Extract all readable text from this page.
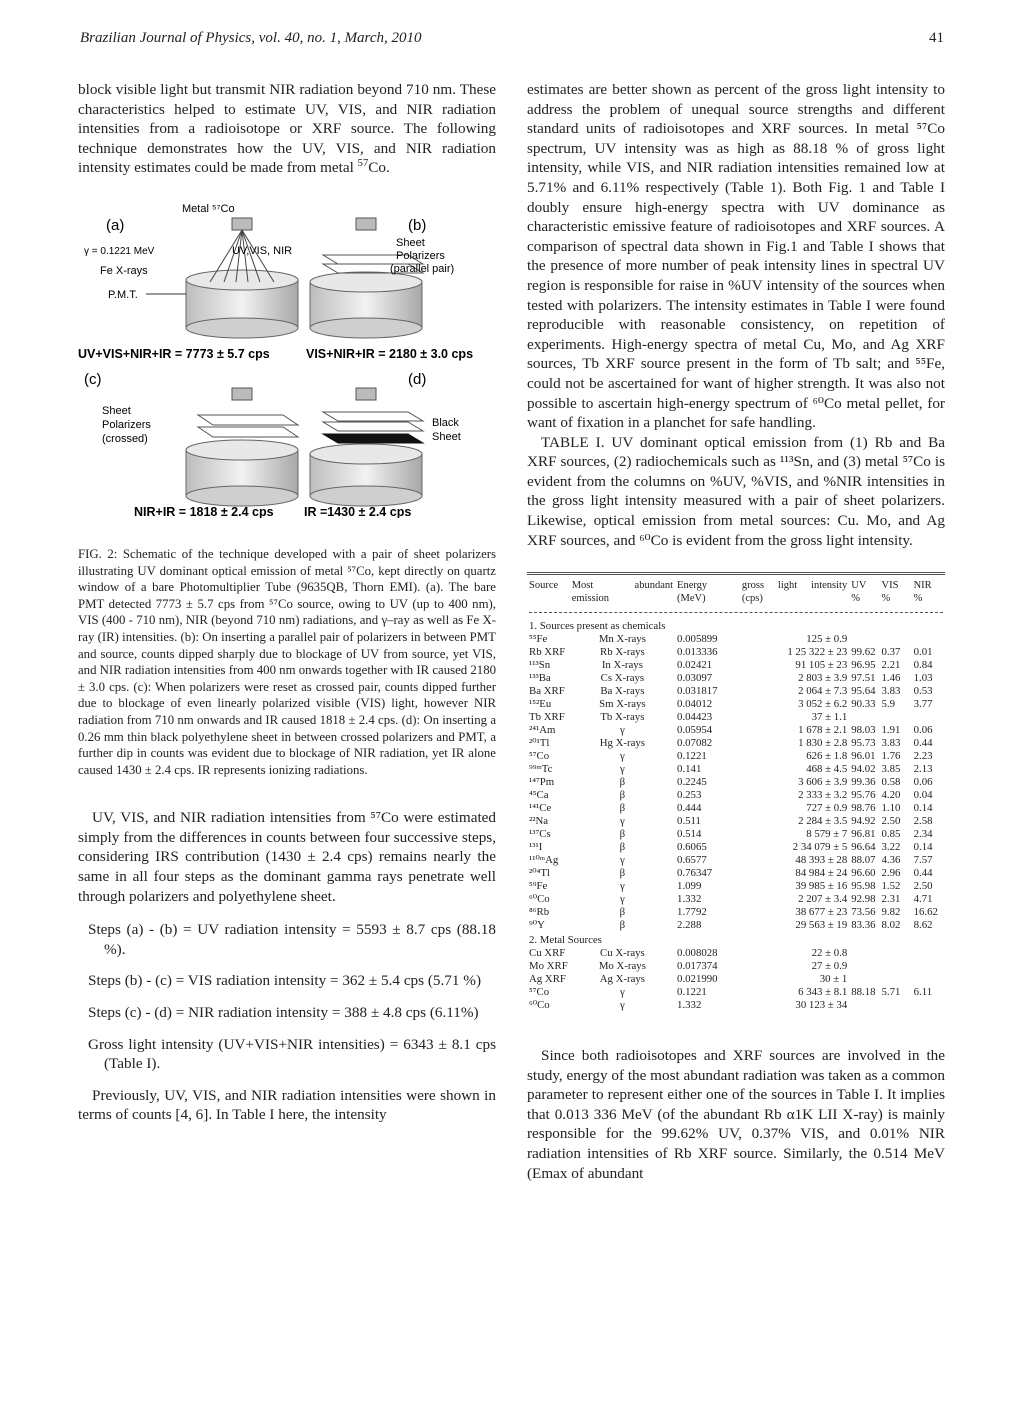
Brazilian Journal of Physics, vol. 40, no. 1, March, 2010	41

block visible light but transmit NIR radiation beyond 710 nm. These characteristics helped to estimate UV, VIS, and NIR radiation intensities from a radioisotope or XRF source. The following technique demonstrates how the UV, VIS, and NIR radiation intensity estimates could be made from metal $^{57}$Co.

(a)
Metal ⁵⁷Co
γ = 0.1221 MeV	UV,VIS, NIR
Fe X-rays
P.M.T.
(b)
Sheet
Polarizers
(parallel pair)
UV+VIS+NIR+IR = 7773 ± 5.7 cps	VIS+NIR+IR = 2180 ± 3.0 cps
(c)
Sheet
Polarizers
(crossed)
(d)
Black
Sheet
NIR+IR = 1818 ± 2.4 cps IR =1430 ± 2.4 cps

FIG. 2: Schematic of the technique developed with a pair of sheet polarizers illustrating UV dominant optical emission of metal ⁵⁷Co, kept directly on quartz window of a bare Photomultiplier Tube (9635QB, Thorn EMI). (a). The bare PMT detected 7773 ± 5.7 cps from ⁵⁷Co source, owing to UV (up to 400 nm), VIS (400 - 710 nm), NIR (beyond 710 nm) radiations, and γ–ray as well as Fe X-ray (IR) intensities. (b): On inserting a parallel pair of polarizers in between PMT and source, counts dipped sharply due to blockage of UV from source, yet VIS, and NIR radiation intensities from 400 nm onwards together with IR caused 2180 ± 3.0 cps. (c): When polarizers were reset as crossed pair, counts dipped further due to blockage of even linearly polarized visible (VIS) light, however NIR radiation from 710 nm onwards and IR caused 1818 ± 2.4 cps. (d): On inserting a 0.26 mm thin black polyethylene sheet in between crossed polarizers and PMT, a further dip in counts was evident due to blockage of NIR radiation, yet IR alone caused 1430 ± 2.4 cps. IR represents ionizing radiations.

UV, VIS, and NIR radiation intensities from ⁵⁷Co were estimated simply from the differences in counts between four successive steps, considering IRS contribution (1430 ± 2.4 cps) remains nearly the same in all four steps as the dominant gamma rays penetrate well through polarizers and polyethylene sheet.

Steps (a) - (b) = UV radiation intensity = 5593 ± 8.7 cps (88.18 %).

Steps (b) - (c) = VIS radiation intensity = 362 ± 5.4 cps (5.71 %)

Steps (c) - (d) = NIR radiation intensity = 388 ± 4.8 cps (6.11%)

Gross light intensity (UV+VIS+NIR intensities) = 6343 ± 8.1 cps (Table I).

Previously, UV, VIS, and NIR radiation intensities were shown in terms of counts [4, 6]. In Table I here, the intensity

estimates are better shown as percent of the gross light intensity to address the problem of unequal source strengths and different standard units of radioisotopes and XRF sources. In metal ⁵⁷Co spectrum, UV intensity was as high as 88.18 % of gross light intensity, while VIS, and NIR radiation intensities remained low at 5.71% and 6.11% respectively (Table 1). Both Fig. 1 and Table I doubly ensure high-energy spectra with UV dominance as characteristic emissive feature of radioisotopes and XRF sources. A comparison of spectral data shown in Fig.1 and Table I shows that the presence of more number of peak intensity lines in spectral UV region is responsible for raise in %UV intensity of the sources when tested with polarizers. The intensity estimates in Table I were found reproducible with reasonable consistency, on repetition of experiments. High-energy spectra of metal Cu, Mo, and Ag XRF sources, Tb XRF source present in the form of Tb salt; and ⁵⁵Fe, could not be ascertained for want of higher strength. It was also not possible to ascertain high-energy spectrum of ⁶⁰Co metal pellet, for want of fixation in a planchet for safe handling.

TABLE I. UV dominant optical emission from (1) Rb and Ba XRF sources, (2) radiochemicals such as ¹¹³Sn, and (3) metal ⁵⁷Co is evident from the columns on %UV, %VIS, and %NIR intensities in the gross light intensity measured with a pair of sheet polarizers. Likewise, optical emission from metal sources: Cu. Mo, and Ag XRF sources, and ⁶⁰Co is evident from the gross light intensity.

Source	Most abundant emission	Energy (MeV)	gross light intensity (cps)	UV %	VIS %	NIR %

1. Sources present as chemicals						
⁵⁵Fe	Mn X-rays	0.005899	125 ± 0.9			
Rb XRF	Rb X-rays	0.013336	1 25 322 ± 23	99.62	0.37	0.01
¹¹³Sn	In X-rays	0.02421	91 105 ± 23	96.95	2.21	0.84
¹³³Ba	Cs X-rays	0.03097	2 803 ± 3.9	97.51	1.46	1.03
Ba XRF	Ba X-rays	0.031817	2 064 ± 7.3	95.64	3.83	0.53
¹⁵²Eu	Sm X-rays	0.04012	3 052 ± 6.2	90.33	5.9	3.77
Tb XRF	Tb X-rays	0.04423	37 ± 1.1			
²⁴¹Am	γ	0.05954	1 678 ± 2.1	98.03	1.91	0.06
²⁰¹Tl	Hg X-rays	0.07082	1 830 ± 2.8	95.73	3.83	0.44
⁵⁷Co	γ	0.1221	626 ± 1.8	96.01	1.76	2.23
⁹⁹ᵐTc	γ	0.141	468 ± 4.5	94.02	3.85	2.13
¹⁴⁷Pm	β	0.2245	3 606 ± 3.9	99.36	0.58	0.06
⁴⁵Ca	β	0.253	2 333 ± 3.2	95.76	4.20	0.04
¹⁴¹Ce	β	0.444	727 ± 0.9	98.76	1.10	0.14
²²Na	γ	0.511	2 284 ± 3.5	94.92	2.50	2.58
¹³⁷Cs	β	0.514	8 579 ± 7	96.81	0.85	2.34
¹³¹I	β	0.6065	2 34 079 ± 5	96.64	3.22	0.14
¹¹⁰ᵐAg	γ	0.6577	48 393 ± 28	88.07	4.36	7.57
²⁰⁴Tl	β	0.76347	84 984 ± 24	96.60	2.96	0.44
⁵⁹Fe	γ	1.099	39 985 ± 16	95.98	1.52	2.50
⁶⁰Co	γ	1.332	2 207 ± 3.4	92.98	2.31	4.71
⁸⁶Rb	β	1.7792	38 677 ± 23	73.56	9.82	16.62
⁹⁰Y	β	2.288	29 563 ± 19	83.36	8.02	8.62
2. Metal Sources						
Cu XRF	Cu X-rays	0.008028	22 ± 0.8			
Mo XRF	Mo X-rays	0.017374	27 ± 0.9			
Ag XRF	Ag X-rays	0.021990	30 ± 1			
⁵⁷Co	γ	0.1221	6 343 ± 8.1	88.18	5.71	6.11
⁶⁰Co	γ	1.332	30 123 ± 34			

Since both radioisotopes and XRF sources are involved in the study, energy of the most abundant radiation was taken as a common parameter to represent either one of the sources in Table I. It implies that 0.013 336 MeV (of the abundant Rb α1K LII X-ray) is mainly responsible for the 99.62% UV, 0.37% VIS, and 0.01% NIR radiation intensities of Rb XRF source. Similarly, the 0.514 MeV (Emax of abundant
